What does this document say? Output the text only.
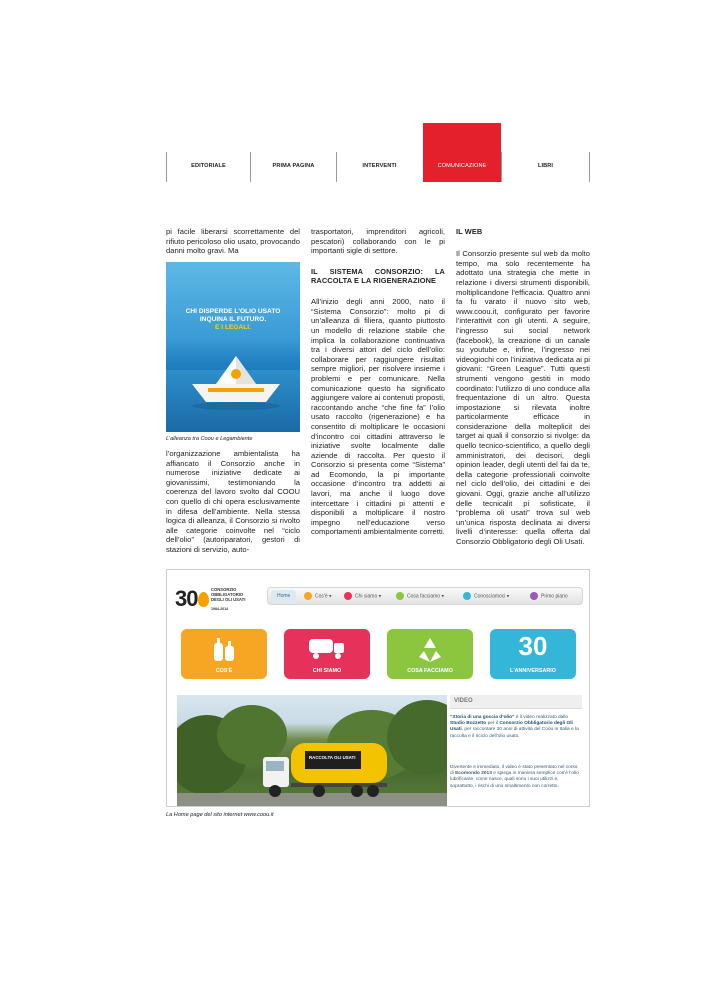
EDITORIALE	PRIMA PAGINA	INTERVENTI	COMUNICAZIONE	LIBRI

pi facile liberarsi scorrettamente del rifiuto pericoloso olio usato, provocando danni molto gravi. Ma

CHI DISPERDE L'OLIO USATO
INQUINA IL FUTURO.
E I LEGALI.
L’alleanza tra Coou e Legambiente

l’organizzazione ambientalista ha affiancato il Consorzio anche in numerose iniziative dedicate ai giovanissimi, testimoniando la coerenza del lavoro svolto dal COOU con quello di chi opera esclusivamente in difesa dell’ambiente. Nella stessa logica di alleanza, il Consorzio si rivolto alle categorie coinvolte nel “ciclo dell’olio” (autoriparatori, gestori di stazioni di servizio, auto-

trasportatori, imprenditori agricoli, pescatori) collaborando con le pi importanti sigle di settore.

IL SISTEMA CONSORZIO: LA RACCOLTA E LA RIGENERAZIONE

All’inizio degli anni 2000, nato il “Sistema Consorzio”: molto pi di un’alleanza di filiera, quanto piuttosto un modello di relazione stabile che implica la collaborazione continuativa tra i diversi attori del ciclo dell’olio: collaborare per raggiungere risultati sempre migliori, per risolvere insieme i problemi e per comunicare. Nella comunicazione questo ha significato aggiungere valore ai contenuti proposti, raccontando anche “che fine fa” l’olio usato raccolto (rigenerazione) e ha consentito di moltiplicare le occasioni d’incontro coi cittadini attraverso le iniziative svolte localmente dalle aziende di raccolta. Per questo il Consorzio si presenta come “Sistema” ad Ecomondo, la pi importante occasione d’incontro tra addetti ai lavori, ma anche il luogo dove intercettare i cittadini pi attenti e disponibili a moltiplicare il nostro impegno nell’educazione verso comportamenti ambientalmente corretti.

IL WEB

Il Consorzio presente sul web da molto tempo, ma solo recentemente ha adottato una strategia che mette in relazione i diversi strumenti disponibili, moltiplicandone l’efficacia. Quattro anni fa fu varato il nuovo sito web, www.coou.it, configurato per favorire l’interattivit con gli utenti. A seguire, l’ingresso sui social network (facebook), la creazione di un canale su youtube e, infine, l’ingresso nei videogiochi con l’iniziativa dedicata ai pi giovani: “Green League”. Tutti questi strumenti vengono gestiti in modo coordinato: l’utilizzo di uno conduce alla frequentazione di un altro. Questa impostazione si rilevata inoltre particolarmente efficace in considerazione della molteplicit dei target ai quali il consorzio si rivolge: da quello tecnico-scientifico, a quello degli amministratori, dei decisori, degli opinion leader, degli utenti del fai da te, della categorie professionali coinvolte nel ciclo dell’olio, dei cittadini e dei giovani. Oggi, grazie anche all’utilizzo delle tecnicalit pi sofisticate, il “problema oli usati” trova sul web un’unica risposta declinata ai diversi livelli d’interesse: quella offerta dal Consorzio Obbligatorio degli Oli Usati.

30	CONSORZIO OBBLIGATORIO DEGLI OLI USATI
1984-2014
Home	Cos'è ▾	Chi siamo ▾	Cosa facciamo ▾	Conosciamoci ▾	Primo piano
COS'È	CHI SIAMO	COSA FACCIAMO
30
L'ANNIVERSARIO
RACCOLTA OLI USATI
VIDEO
“Storia di una goccia d’olio” è il video realizzato dallo Studio Bozzetto per il Consorzio Obbligatorio degli Oli Usati, per raccontare 30 anni di attività del Coou in Italia e la raccolta e il riciclo dell’olio usato.
Divertente e immediato, il video è stato presentato nel corso di Ecomondo 2013 e spiega in maniera semplice cos’è l’olio lubrificante, come nasce, quali sono i suoi utilizzi e, soprattutto, i rischi di uno smaltimento non corretto.
La Home page del sito internet www.coou.it
